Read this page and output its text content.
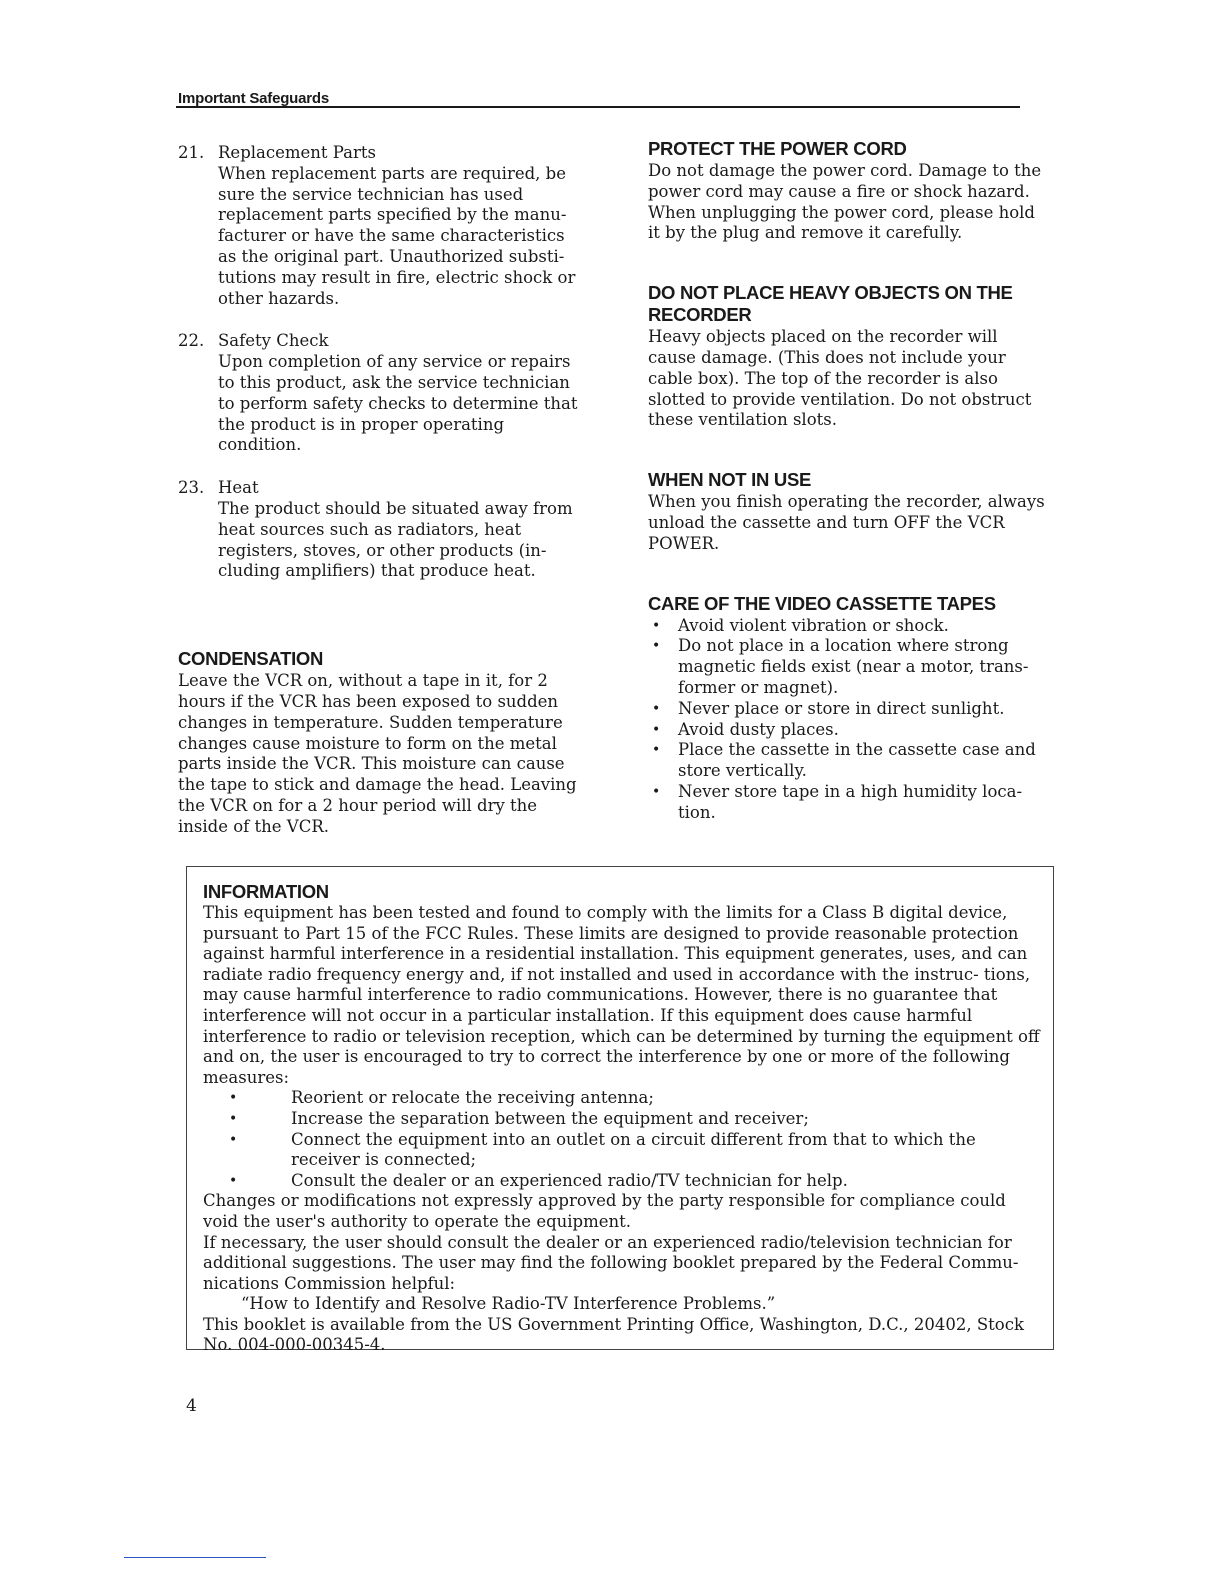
Important Safeguards
21. Replacement Parts
When replacement parts are required, be sure the service technician has used replacement parts specified by the manu- facturer or have the same characteristics as the original part. Unauthorized substi- tutions may result in fire, electric shock or other hazards.
22. Safety Check
Upon completion of any service or repairs to this product, ask the service technician to perform safety checks to determine that the product is in proper operating condition.
23. Heat
The product should be situated away from heat sources such as radiators, heat registers, stoves, or other products (in- cluding amplifiers) that produce heat.
CONDENSATION

Leave the VCR on, without a tape in it, for 2 hours if the VCR has been exposed to sudden changes in temperature. Sudden temperature changes cause moisture to form on the metal parts inside the VCR. This moisture can cause the tape to stick and damage the head. Leaving the VCR on for a 2 hour period will dry the inside of the VCR.

PROTECT THE POWER CORD

Do not damage the power cord. Damage to the power cord may cause a fire or shock hazard. When unplugging the power cord, please hold it by the plug and remove it carefully.

DO NOT PLACE HEAVY OBJECTS ON THE RECORDER

Heavy objects placed on the recorder will cause damage. (This does not include your cable box). The top of the recorder is also slotted to provide ventilation. Do not obstruct these ventilation slots.

WHEN NOT IN USE

When you finish operating the recorder, always unload the cassette and turn OFF the VCR POWER.

CARE OF THE VIDEO CASSETTE TAPES
• Avoid violent vibration or shock.
• Do not place in a location where strong magnetic fields exist (near a motor, trans- former or magnet).
• Never place or store in direct sunlight.
• Avoid dusty places.
• Place the cassette in the cassette case and store vertically.
• Never store tape in a high humidity loca- tion.
INFORMATION
This equipment has been tested and found to comply with the limits for a Class B digital device, pursuant to Part 15 of the FCC Rules. These limits are designed to provide reasonable protection against harmful interference in a residential installation. This equipment generates, uses, and can radiate radio frequency energy and, if not installed and used in accordance with the instruc- tions, may cause harmful interference to radio communications. However, there is no guarantee that interference will not occur in a particular installation. If this equipment does cause harmful interference to radio or television reception, which can be determined by turning the equipment off and on, the user is encouraged to try to correct the interference by one or more of the following measures:
•	Reorient or relocate the receiving antenna;
•	Increase the separation between the equipment and receiver;
•	Connect the equipment into an outlet on a circuit different from that to which the receiver is connected;
•	Consult the dealer or an experienced radio/TV technician for help.
Changes or modifications not expressly approved by the party responsible for compliance could void the user's authority to operate the equipment.
If necessary, the user should consult the dealer or an experienced radio/television technician for additional suggestions. The user may find the following booklet prepared by the Federal Commu- nications Commission helpful:
“How to Identify and Resolve Radio-TV Interference Problems.”
This booklet is available from the US Government Printing Office, Washington, D.C., 20402, Stock No. 004-000-00345-4.
4
